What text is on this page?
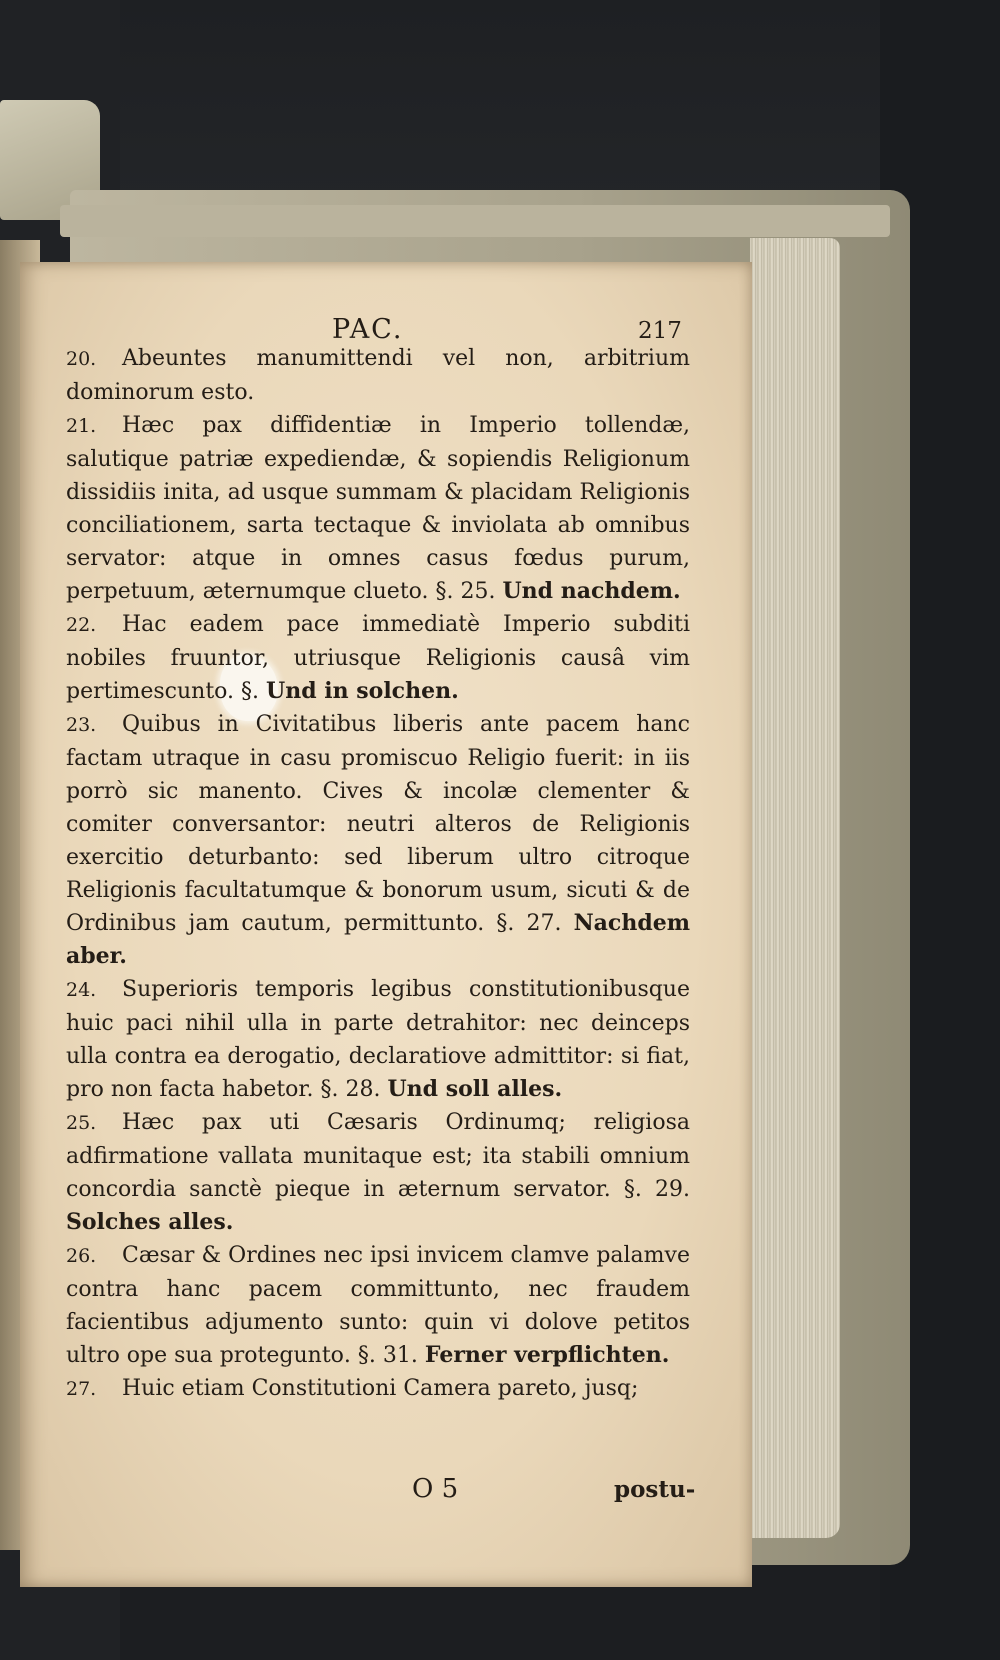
PAC.	217

20. Abeuntes manumittendi vel non, arbitrium dominorum esto.

21. Hæc pax diffidentiæ in Imperio tollendæ, salutique patriæ expediendæ, & sopiendis Religionum dissidiis inita, ad usque summam & placidam Religionis conciliationem, sarta tectaque & inviolata ab omnibus servator: atque in omnes casus fœdus purum, perpetuum, æternumque clueto. §. 25. Und nachdem.

22. Hac eadem pace immediatè Imperio subditi nobiles fruuntor, utriusque Religionis causâ vim pertimescunto. §. Und in solchen.

23. Quibus in Civitatibus liberis ante pacem hanc factam utraque in casu promiscuo Religio fuerit: in iis porrò sic manento. Cives & incolæ clementer & comiter conversantor: neutri alteros de Religionis exercitio deturbanto: sed liberum ultro citroque Religionis facultatumque & bonorum usum, sicuti & de Ordinibus jam cautum, permittunto. §. 27. Nachdem aber.

24. Superioris temporis legibus constitutionibusque huic paci nihil ulla in parte detrahitor: nec deinceps ulla contra ea derogatio, declaratiove admittitor: si fiat, pro non facta habetor. §. 28. Und soll alles.

25. Hæc pax uti Cæsaris Ordinumq; religiosa adfirmatione vallata munitaque est; ita stabili omnium concordia sanctè pieque in æternum servator. §. 29. Solches alles.

26. Cæsar & Ordines nec ipsi invicem clamve palamve contra hanc pacem committunto, nec fraudem facientibus adjumento sunto: quin vi dolove petitos ultro ope sua proteguntο. §. 31. Ferner verpflichten.

27. Huic etiam Constitutioni Camera pareto, jusq;

O 5	postu-
